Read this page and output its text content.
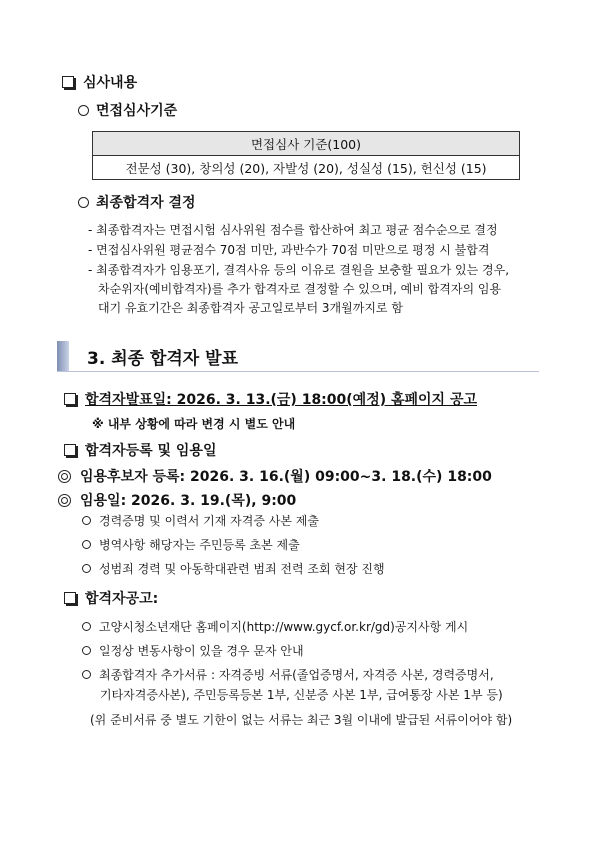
심사내용
면접심사기준
면접심사 기준(100)
전문성 (30), 창의성 (20), 자발성 (20), 성실성 (15), 헌신성 (15)
최종합격자 결정
- 최종합격자는 면접시험 심사위원 점수를 합산하여 최고 평균 점수순으로 결정
- 면접심사위원 평균점수 70점 미만, 과반수가 70점 미만으로 평정 시 불합격
- 최종합격자가 임용포기, 결격사유 등의 이유로 결원을 보충할 필요가 있는 경우,
차순위자(예비합격자)를 추가 합격자로 결정할 수 있으며, 예비 합격자의 임용
대기 유효기간은 최종합격자 공고일로부터 3개월까지로 함
3. 최종 합격자 발표
합격자발표일: 2026. 3. 13.(금) 18:00(예정) 홈페이지 공고
※ 내부 상황에 따라 변경 시 별도 안내
합격자등록 및 임용일
임용후보자 등록: 2026. 3. 16.(월) 09:00~3. 18.(수) 18:00
임용일: 2026. 3. 19.(목), 9:00
경력증명 및 이력서 기재 자격증 사본 제출
병역사항 해당자는 주민등록 초본 제출
성범죄 경력 및 아동학대관련 범죄 전력 조회 현장 진행
합격자공고:
고양시청소년재단 홈페이지(http://www.gycf.or.kr/gd)공지사항 게시
일정상 변동사항이 있을 경우 문자 안내
최종합격자 추가서류 : 자격증빙 서류(졸업증명서, 자격증 사본, 경력증명서,
기타자격증사본), 주민등록등본 1부, 신분증 사본 1부, 급여통장 사본 1부 등)
(위 준비서류 중 별도 기한이 없는 서류는 최근 3월 이내에 발급된 서류이어야 함)
